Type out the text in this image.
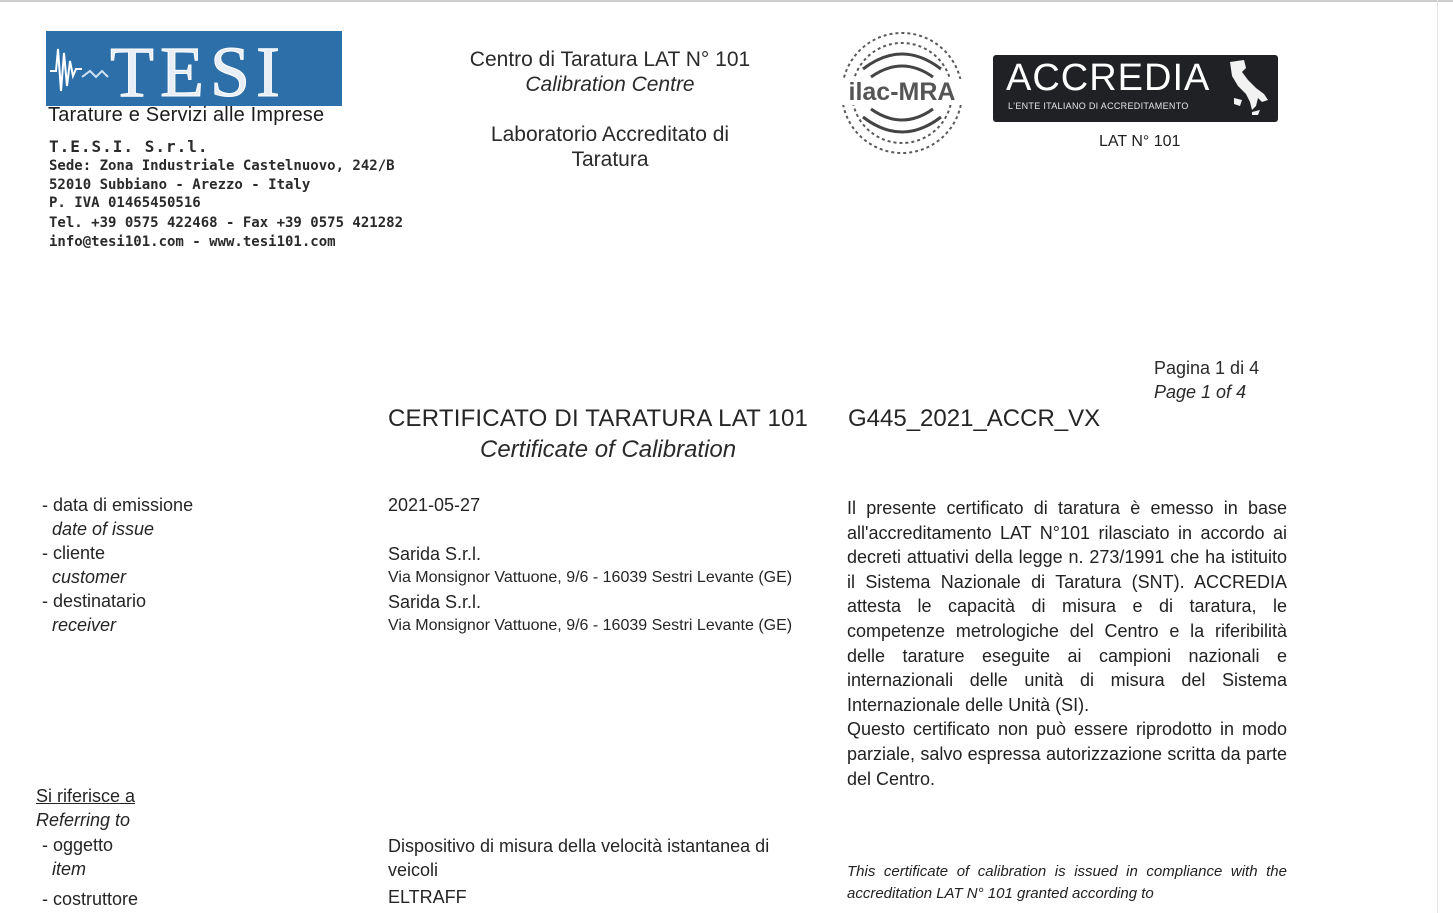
TESI
Tarature e Servizi alle Imprese
T.E.S.I. S.r.l.
Sede: Zona Industriale Castelnuovo, 242/B
52010 Subbiano - Arezzo - Italy
P. IVA 01465450516
Tel. +39 0575 422468 - Fax +39 0575 421282
info@tesi101.com - www.tesi101.com
Centro di Taratura LAT N° 101
Calibration Centre
Laboratorio Accreditato di
Taratura
ilac-MRA ACCREDIA
L'ENTE ITALIANO DI ACCREDITAMENTO
LAT N° 101
Pagina 1 di 4
Page 1 of 4
CERTIFICATO DI TARATURA LAT 101
Certificate of Calibration
G445_2021_ACCR_VX
- data di emissione
date of issue
2021-05-27
- cliente
customer
Sarida S.r.l.
Via Monsignor Vattuone, 9/6 - 16039 Sestri Levante (GE)
- destinatario
receiver
Sarida S.r.l.
Via Monsignor Vattuone, 9/6 - 16039 Sestri Levante (GE)

Il presente certificato di taratura è emesso in base all'accreditamento LAT N°101 rilasciato in accordo ai decreti attuativi della legge n. 273/1991 che ha istituito il Sistema Nazionale di Taratura (SNT). ACCREDIA attesta le capacità di misura e di taratura, le competenze metrologiche del Centro e la riferibilità delle tarature eseguite ai campioni nazionali e internazionali delle unità di misura del Sistema Internazionale delle Unità (SI).

Questo certificato non può essere riprodotto in modo parziale, salvo espressa autorizzazione scritta da parte del Centro.

This certificate of calibration is issued in compliance with the accreditation LAT N° 101 granted according to
Si riferisce a
Referring to
- oggetto
item
Dispositivo di misura della velocità istantanea di
veicoli
- costruttore	ELTRAFF
